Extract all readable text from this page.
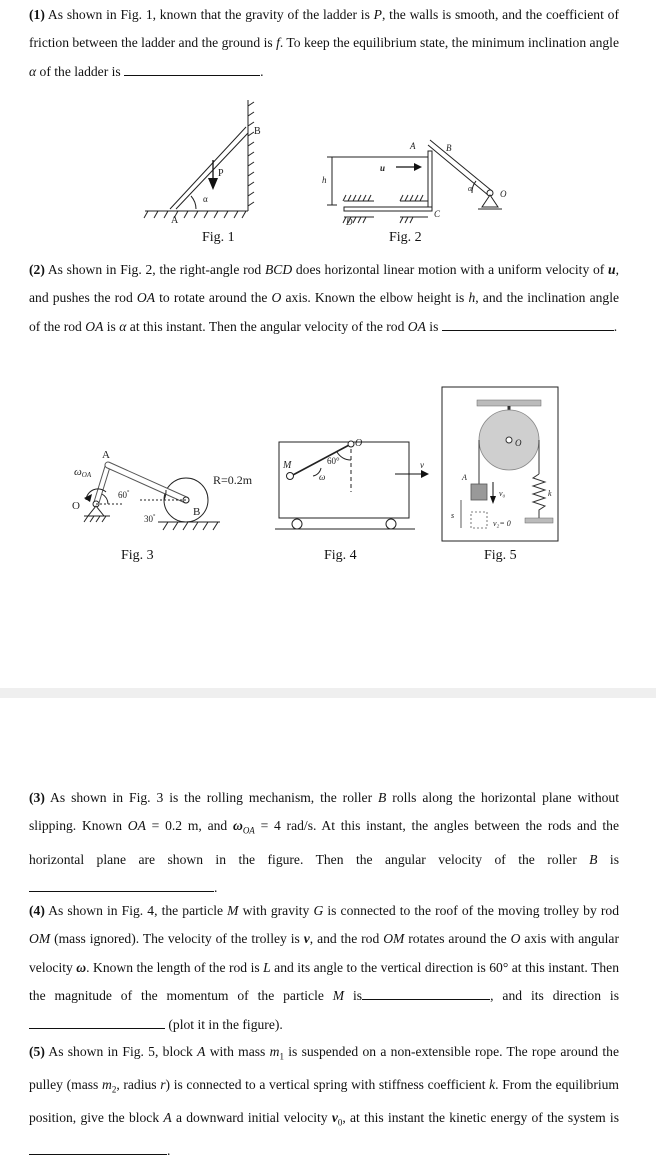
(1) As shown in Fig. 1, known that the gravity of the ladder is P, the walls is smooth, and the coefficient of friction between the ladder and the ground is f. To keep the equilibrium state, the minimum inclination angle α of the ladder is	.
B
P
α
A
Fig. 1
u
h
A	B
α
O
C
D
Fig. 2
(2) As shown in Fig. 2, the right-angle rod BCD does horizontal linear motion with a uniform velocity of u, and pushes the rod OA to rotate around the O axis. Known the elbow height is h, and the inclination angle of the rod OA is α at this instant. Then the angular velocity of the rod OA is	.
A
ωOA
O
60°
30°	B
R=0.2m
Fig. 3
M
O
60°
ω
v
Fig. 4
O
A
s
v₀
v₂= 0
k
Fig. 5
(3) As shown in Fig. 3 is the rolling mechanism, the roller B rolls along the horizontal plane without slipping. Known OA = 0.2 m, and $\omega_{OA} = 4$ rad/s. At this instant, the angles between the rods and the horizontal plane are shown in the figure. Then the angular velocity of the roller B is.
(4) As shown in Fig. 4, the particle M with gravity G is connected to the roof of the moving trolley by rod OM (mass ignored). The velocity of the trolley is v, and the rod OM rotates around the O axis with angular velocity ω. Known the length of the rod is L and its angle to the vertical direction is 60° at this instant. Then the magnitude of the momentum of the particle M is	, and its direction is (plot it in the figure).
(5) As shown in Fig. 5, block A with mass $m_1$ is suspended on a non-extensible rope. The rope around the pulley (mass $m_2$, radius r) is connected to a vertical spring with stiffness coefficient k. From the equilibrium position, give the block A a downward initial velocity $v_0$, at this instant the kinetic energy of the system is .
